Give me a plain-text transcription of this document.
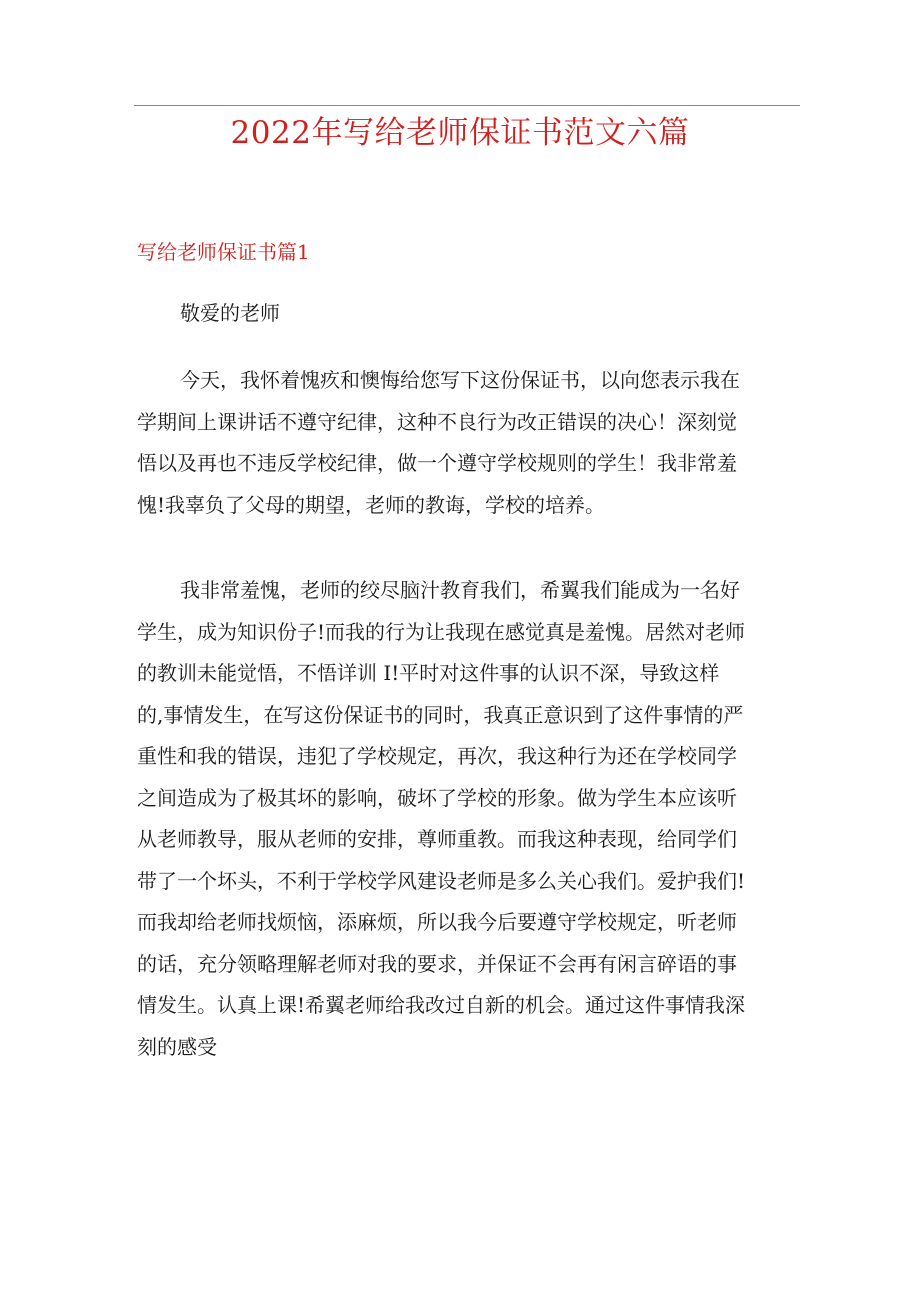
2022年写给老师保证书范文六篇
写给老师保证书篇1
敬爱的老师
今天，我怀着愧疚和懊悔给您写下这份保证书，以向您表示我在
学期间上课讲话不遵守纪律，这种不良行为改正错误的决心！深刻觉
悟以及再也不违反学校纪律，做一个遵守学校规则的学生！我非常羞
愧!我辜负了父母的期望，老师的教诲，学校的培养。
我非常羞愧，老师的绞尽脑汁教育我们，希翼我们能成为一名好
学生，成为知识份子!而我的行为让我现在感觉真是羞愧。居然对老师
的教训未能觉悟，不悟详训 I!平时对这件事的认识不深，导致这样
的,事情发生，在写这份保证书的同时，我真正意识到了这件事情的严
重性和我的错误，违犯了学校规定，再次，我这种行为还在学校同学
之间造成为了极其坏的影响，破坏了学校的形象。做为学生本应该听
从老师教导，服从老师的安排，尊师重教。而我这种表现，给同学们
带了一个坏头，不利于学校学风建设老师是多么关心我们。爱护我们!
而我却给老师找烦恼，添麻烦，所以我今后要遵守学校规定，听老师
的话，充分领略理解老师对我的要求，并保证不会再有闲言碎语的事
情发生。认真上课!希翼老师给我改过自新的机会。通过这件事情我深
刻的感受
